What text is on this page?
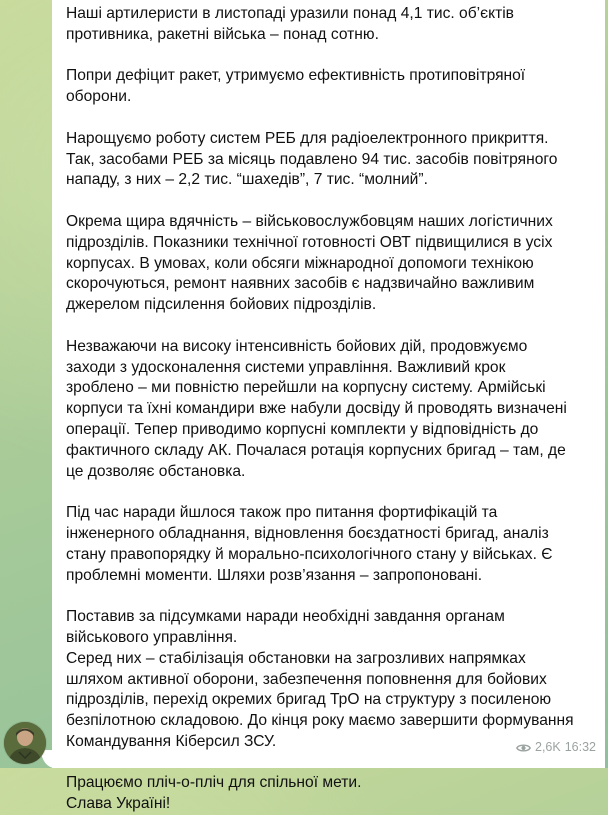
Наші артилеристи в листопаді уразили понад 4,1 тис. об’єктів
противника, ракетні війська – понад сотню.

Попри дефіцит ракет, утримуємо ефективність протиповітряної
оборони.

Нарощуємо роботу систем РЕБ для радіоелектронного прикриття.
Так, засобами РЕБ за місяць подавлено 94 тис. засобів повітряного
нападу, з них – 2,2 тис. “шахедів”, 7 тис. “молний”.

Окрема щира вдячність – військовослужбовцям наших логістичних
підрозділів. Показники технічної готовності ОВТ підвищилися в усіх
корпусах. В умовах, коли обсяги міжнародної допомоги технікою
скорочуються, ремонт наявних засобів є надзвичайно важливим
джерелом підсилення бойових підрозділів.

Незважаючи на високу інтенсивність бойових дій, продовжуємо
заходи з удосконалення системи управління. Важливий крок
зроблено – ми повністю перейшли на корпусну систему. Армійські
корпуси та їхні командири вже набули досвіду й проводять визначені
операції. Тепер приводимо корпусні комплекти у відповідність до
фактичного складу АК. Почалася ротація корпусних бригад – там, де
це дозволяє обстановка.

Під час наради йшлося також про питання фортифікацій та
інженерного обладнання, відновлення боєздатності бригад, аналіз
стану правопорядку й морально-психологічного стану у військах. Є
проблемні моменти. Шляхи розв’язання – запропоновані.

Поставив за підсумками наради необхідні завдання органам
військового управління.
Серед них – стабілізація обстановки на загрозливих напрямках
шляхом активної оборони, забезпечення поповнення для бойових
підрозділів, перехід окремих бригад ТрО на структуру з посиленою
безпілотною складовою. До кінця року маємо завершити формування
Командування Кіберсил ЗСУ.

Працюємо пліч-о-пліч для спільної мети.
Слава Україні!

2,6K 16:32
